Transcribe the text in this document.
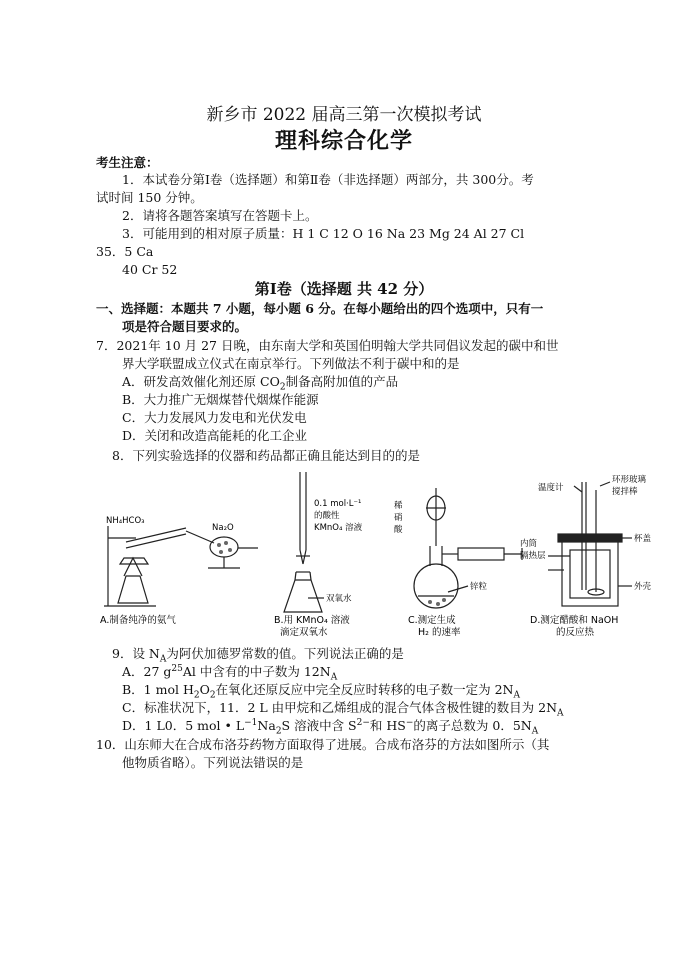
新乡市 2022 届高三第一次模拟考试
理科综合化学
考生注意：
1．本试卷分第Ⅰ卷（选择题）和第Ⅱ卷（非选择题）两部分，共 300分。考
试时间 150 分钟。
2．请将各题答案填写在答题卡上。
3．可能用到的相对原子质量：H 1 C 12 O 16 Na 23 Mg 24 Al 27 Cl
35．5 Ca
40 Cr 52
第Ⅰ卷（选择题 共 42 分）
一、选择题：本题共 7 小题，每小题 6 分。在每小题给出的四个选项中，只有一
项是符合题目要求的。
7．2021年 10 月 27 日晚，由东南大学和英国伯明翰大学共同倡议发起的碳中和世
界大学联盟成立仪式在南京举行。下列做法不利于碳中和的是
A．研发高效催化剂还原 $CO_2$制备高附加值的产品
B．大力推广无烟煤替代烟煤作能源
C．大力发展风力发电和光伏发电
D．关闭和改造高能耗的化工企业
8．下列实验选择的仪器和药品都正确且能达到目的的是
NH₄HCO₃
Na₂O
A.制备纯净的氨气
0.1 mol·L⁻¹
的酸性
KMnO₄ 溶液
双氧水
B.用 KMnO₄ 溶液
滴定双氧水
稀
硝
酸
锌粒
C.测定生成
H₂ 的速率
温度计
环形玻璃
搅拌棒
内筒
隔热层
杯盖
外壳
D.测定醋酸和 NaOH
的反应热
9．设 $N_A$为阿伏加德罗常数的值。下列说法正确的是
A．27 $g^{25}Al$ 中含有的中子数为 $12N_A$
B．1 mol $H_2O_2$在氧化还原反应中完全反应时转移的电子数一定为 $2N_A$
C．标准状况下，11．2 L 由甲烷和乙烯组成的混合气体含极性键的数目为 $2N_A$
D．1 L0．5 mol • $L^{-1}Na_2S$ 溶液中含 $S^{2-}$和 HS−的离子总数为 0．$5N_A$
10．山东师大在合成布洛芬药物方面取得了进展。合成布洛芬的方法如图所示（其
他物质省略）。下列说法错误的是
